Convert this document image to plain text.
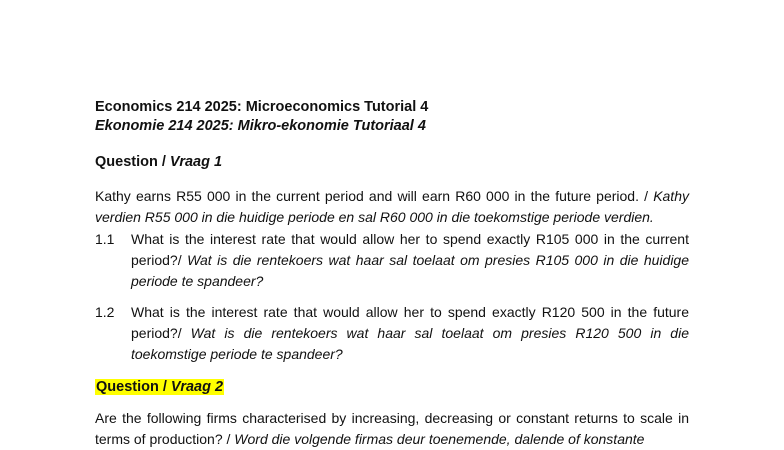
Economics 214 2025: Microeconomics Tutorial 4
Ekonomie 214 2025: Mikro-ekonomie Tutoriaal 4
Question / Vraag 1
Kathy earns R55 000 in the current period and will earn R60 000 in the future period. / Kathy verdien R55 000 in die huidige periode en sal R60 000 in die toekomstige periode verdien.
1.1	What is the interest rate that would allow her to spend exactly R105 000 in the current period?/ Wat is die rentekoers wat haar sal toelaat om presies R105 000 in die huidige periode te spandeer?
1.2	What is the interest rate that would allow her to spend exactly R120 500 in the future period?/ Wat is die rentekoers wat haar sal toelaat om presies R120 500 in die toekomstige periode te spandeer?
Question / Vraag 2
Are the following firms characterised by increasing, decreasing or constant returns to scale in terms of production? / Word die volgende firmas deur toenemende, dalende of konstante
